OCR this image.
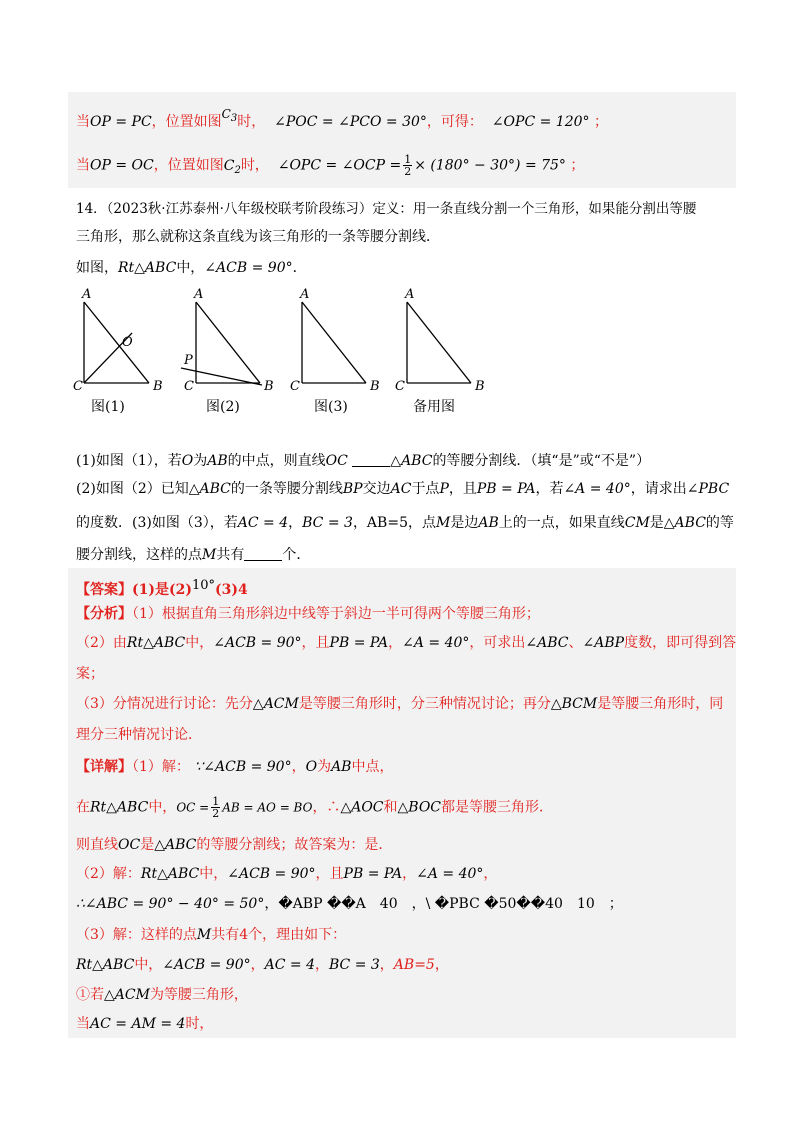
当OP = PC，位置如图$C_3$时， ∠POC = ∠PCO = 30°，可得： ∠OPC = 120° ；
当OP = OC，位置如图$C_2$时， ∠OPC = ∠OCP = $\frac{1}{2} \times (180^\circ - 30^\circ) = 75^\circ$ ；
14．（2023秋·江苏泰州·八年级校联考阶段练习）定义：用一条直线分割一个三角形，如果能分割出等腰
三角形，那么就称这条直线为该三角形的一条等腰分割线．
如图，Rt△ABC中，∠ACB = 90°．
A
O
C	B
A
P
C	B
A
C	B
A
C	B
图(1)	图(2)	图(3)	备用图
(1)如图（1），若O为AB的中点，则直线OC	△ABC的等腰分割线．（填“是”或“不是”）
(2)如图（2）已知△ABC的一条等腰分割线BP交边AC于点P，且PB = PA，若∠A = 40°，请求出∠PBC
的度数．(3)如图（3），若AC = 4，BC = 3，AB=5，点M是边AB上的一点，如果直线CM是△ABC的等
腰分割线，这样的点M共有	个．
【答案】(1)是(2)10°(3)4
【分析】（1）根据直角三角形斜边中线等于斜边一半可得两个等腰三角形；
（2）由Rt△ABC中，∠ACB = 90°，且PB = PA，∠A = 40°，可求出∠ABC、∠ABP度数，即可得到答
案；
（3）分情况进行讨论：先分△ACM是等腰三角形时，分三种情况讨论；再分△BCM是等腰三角形时，同
理分三种情况讨论．
【详解】（1）解： ∵∠ACB = 90°，O为AB中点，
在Rt△ABC中，OC = $\frac{1}{2}$ AB = AO = BO，∴△AOC和△BOC都是等腰三角形．
则直线OC是△ABC的等腰分割线；故答案为：是．
（2）解：Rt△ABC中，∠ACB = 90°，且PB = PA，∠A = 40°，
∴∠ABC = 90° − 40° = 50°，�ABP ��A　40　，\ �PBC �50��40　10　；
（3）解：这样的点M共有4个，理由如下：
Rt△ABC中，∠ACB = 90°，AC = 4，BC = 3，AB=5，
①若△ACM为等腰三角形，
当AC = AM = 4时，
